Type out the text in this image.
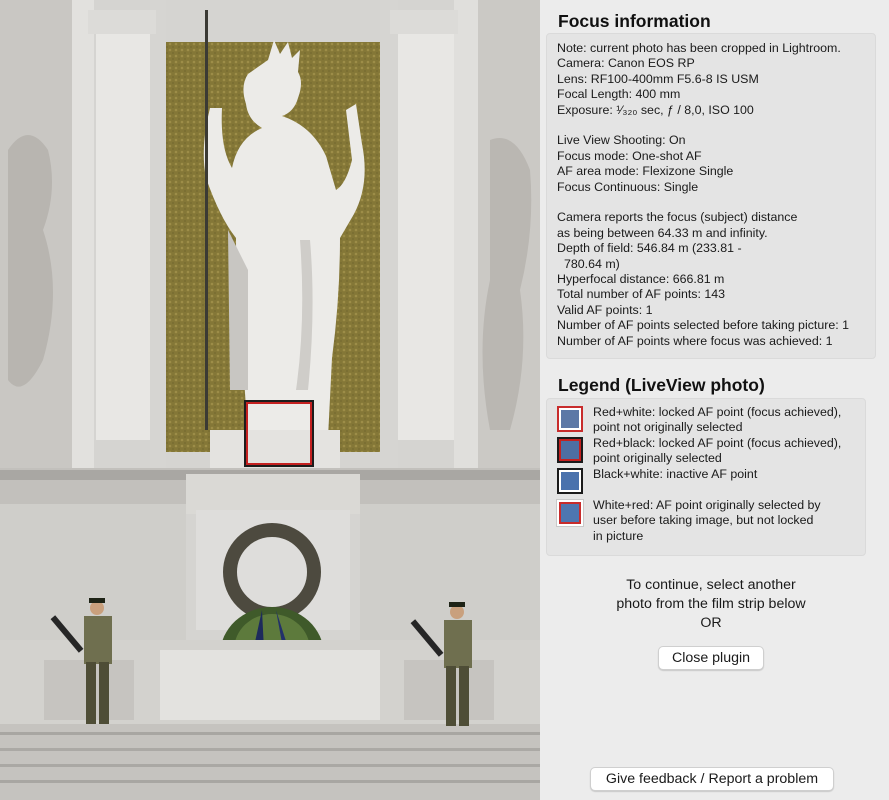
Focus information
Note: current photo has been cropped in Lightroom.
Camera: Canon EOS RP
Lens: RF100-400mm F5.6-8 IS USM
Focal Length: 400 mm
Exposure: ¹⁄₃₂₀ sec, ƒ / 8,0, ISO 100
Live View Shooting: On
Focus mode: One-shot AF
AF area mode: Flexizone Single
Focus Continuous: Single
Camera reports the focus (subject) distance
as being between 64.33 m and infinity.
Depth of field: 546.84 m (233.81 -
780.64 m)
Hyperfocal distance: 666.81 m
Total number of AF points: 143
Valid AF points: 1
Number of AF points selected before taking picture: 1
Number of AF points where focus was achieved: 1
Legend (LiveView photo)
Red+white: locked AF point (focus achieved),
point not originally selected
Red+black: locked AF point (focus achieved),
point originally selected
Black+white: inactive AF point
White+red: AF point originally selected by
user before taking image, but not locked
in picture
To continue, select another
photo from the film strip below
OR
Close plugin
Give feedback / Report a problem
